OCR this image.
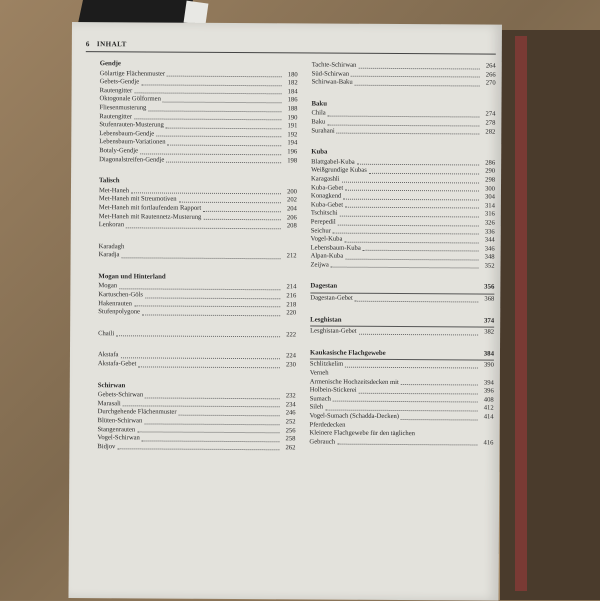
6 INHALT
Gendje
Gölartige Flächenmuster	180
Gebets-Gendje	182
Rautengitter	184
Oktogonale Gölformen	186
Fliesenmusterung	188
Rautengitter	190
Stufenrauten-Musterung	191
Lebensbaum-Gendje	192
Lebensbaum-Variationen	194
Botaly-Gendje	196
Diagonalstreifen-Gendje	198
Talisch
Met-Haneh	200
Met-Haneh mit Streumotiven	202
Met-Haneh mit fortlaufendem Rapport	204
Met-Haneh mit Rautennetz-Musterung	206
Lenkoran	208
Karadagh
Karadja	212
Mogan und Hinterland
Mogan	214
Kartuschen-Göls	216
Hakenrauten	218
Stufenpolygone	220
Chaili	222
Akstafa	224
Akstafa-Gebet	230
Schirwan
Gebets-Schirwan	232
Marasali	234
Durchgehende Flächenmuster	246
Blüten-Schirwan	252
Stangenrauten	256
Vogel-Schirwan	258
Bidjov	262
Tachte-Schirwan	264
Süd-Schirwan	266
Schirwan-Baku	270
Baku
Chila	274
Baku	278
Surahani	282
Kuba
Blattgabel-Kuba	286
Weißgrundige Kubas	290
Karagashli	298
Kuba-Gebet	300
Konagkend	304
Kuba-Gebet	314
Tschitschi	316
Perepedil	326
Seichur	336
Vogel-Kuba	344
Lebensbaum-Kuba	346
Alpan-Kuba	348
Zeijwa	352
Dagestan	356
Dagestan-Gebet	368
Lesghistan	374
Lesghistan-Gebet	382
Kaukasische Flachgewebe	384
Schlitzkelim	390
Verneh
Armenische Hochzeitsdecken mit	394
Holbein-Stickerei	396
Sumach	408
Sileh	412
Vogel-Sumach (Schadda-Decken)	414
Pferdedecken
Kleinere Flachgewebe für den täglichen
Gebrauch	416
